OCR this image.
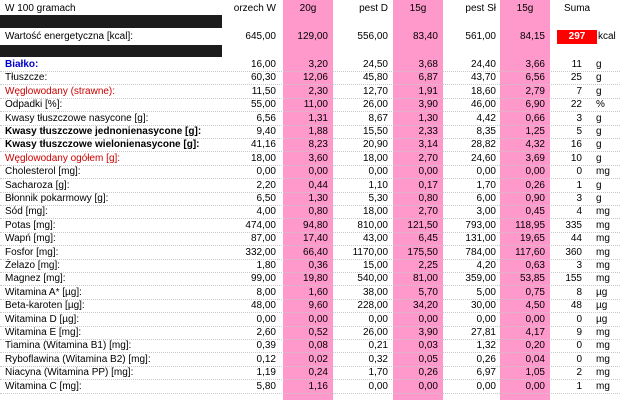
W 100 gramach	orzech W	20g	pest D	15g	pest Sł	15g	Suma
Wartość energetyczna [kcal]:	645,00	129,00	556,00	83,40	561,00	84,15	297	kcal
Białko:	16,00	3,20	24,50	3,68	24,40	3,66	11 g
Tłuszcze:	60,30	12,06	45,80	6,87	43,70	6,56	25 g
Węglowodany (strawne):	11,50	2,30	12,70	1,91	18,60	2,79	7 g
Odpadki [%]:	55,00	11,00	26,00	3,90	46,00	6,90	22 %
Kwasy tłuszczowe nasycone [g]:	6,56	1,31	8,67	1,30	4,42	0,66	3 g
Kwasy tłuszczowe jednonienasycone [g]:	9,40	1,88	15,50	2,33	8,35	1,25	5 g
Kwasy tłuszczowe wielonienasycone [g]:	41,16	8,23	20,90	3,14	28,82	4,32	16 g
Węglowodany ogółem [g]:	18,00	3,60	18,00	2,70	24,60	3,69	10 g
Cholesterol [mg]:	0,00	0,00	0,00	0,00	0,00	0,00	0 mg
Sacharoza [g]:	2,20	0,44	1,10	0,17	1,70	0,26	1 g
Błonnik pokarmowy [g]:	6,50	1,30	5,30	0,80	6,00	0,90	3 g
Sód [mg]:	4,00	0,80	18,00	2,70	3,00	0,45	4 mg
Potas [mg]:	474,00	94,80	810,00	121,50	793,00	118,95	335 mg
Wapń [mg]:	87,00	17,40	43,00	6,45	131,00	19,65	44 mg
Fosfor [mg]:	332,00	66,40	1170,00	175,50	784,00	117,60	360 mg
Żelazo [mg]:	1,80	0,36	15,00	2,25	4,20	0,63	3 mg
Magnez [mg]:	99,00	19,80	540,00	81,00	359,00	53,85	155 mg
Witamina A* [µg]:	8,00	1,60	38,00	5,70	5,00	0,75	8 µg
Beta-karoten [µg]:	48,00	9,60	228,00	34,20	30,00	4,50	48 µg
Witamina D [µg]:	0,00	0,00	0,00	0,00	0,00	0,00	0 µg
Witamina E [mg]:	2,60	0,52	26,00	3,90	27,81	4,17	9 mg
Tiamina (Witamina B1) [mg]:	0,39	0,08	0,21	0,03	1,32	0,20	0 mg
Ryboflawina (Witamina B2) [mg]:	0,12	0,02	0,32	0,05	0,26	0,04	0 mg
Niacyna (Witamina PP) [mg]:	1,19	0,24	1,70	0,26	6,97	1,05	2 mg
Witamina C [mg]:	5,80	1,16	0,00	0,00	0,00	0,00	1 mg
